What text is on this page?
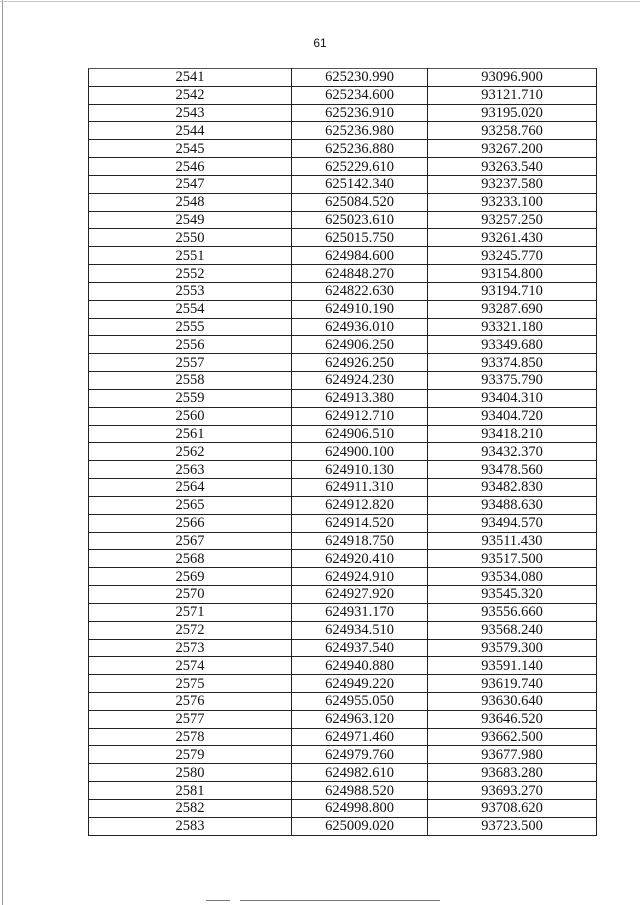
61
2541	625230.990	93096.900
2542	625234.600	93121.710
2543	625236.910	93195.020
2544	625236.980	93258.760
2545	625236.880	93267.200
2546	625229.610	93263.540
2547	625142.340	93237.580
2548	625084.520	93233.100
2549	625023.610	93257.250
2550	625015.750	93261.430
2551	624984.600	93245.770
2552	624848.270	93154.800
2553	624822.630	93194.710
2554	624910.190	93287.690
2555	624936.010	93321.180
2556	624906.250	93349.680
2557	624926.250	93374.850
2558	624924.230	93375.790
2559	624913.380	93404.310
2560	624912.710	93404.720
2561	624906.510	93418.210
2562	624900.100	93432.370
2563	624910.130	93478.560
2564	624911.310	93482.830
2565	624912.820	93488.630
2566	624914.520	93494.570
2567	624918.750	93511.430
2568	624920.410	93517.500
2569	624924.910	93534.080
2570	624927.920	93545.320
2571	624931.170	93556.660
2572	624934.510	93568.240
2573	624937.540	93579.300
2574	624940.880	93591.140
2575	624949.220	93619.740
2576	624955.050	93630.640
2577	624963.120	93646.520
2578	624971.460	93662.500
2579	624979.760	93677.980
2580	624982.610	93683.280
2581	624988.520	93693.270
2582	624998.800	93708.620
2583	625009.020	93723.500
